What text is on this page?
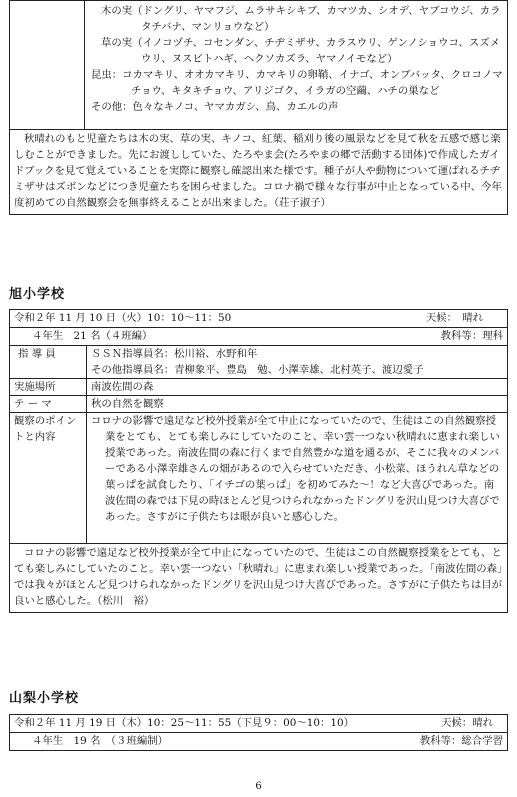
木の実（ドングリ、ヤマフジ、ムラサキシキブ、カマツカ、シオデ、ヤブコウジ、カラタチバナ、マンリョウなど）
草の実（イノコヅチ、コセンダン、チヂミザサ、カラスウリ、ゲンノショウコ、スズメウリ、ヌスビトハギ、ヘクソカズラ、ヤマノイモなど）
昆虫：コカマキリ、オオカマキリ、カマキリの卵鞘、イナゴ、オンブバッタ、クロコノマチョウ、キタキチョウ、アリジゴク、イラガの空繭、ハチの巣など
その他：色々なキノコ、ヤマカガシ、鳥、カエルの声

秋晴れのもと児童たちは木の実、草の実、キノコ、紅葉、稲刈り後の風景などを見て秋を五感で感じ楽しむことができました。先にお渡ししていた、たろやま会(たろやまの郷で活動する団体)で作成したガイドブックを見て覚えていることを実際に観察し確認出来た様です。種子が人や動物について運ばれるチヂミザサはズボンなどにつき児童たちを困らせました。コロナ禍で様々な行事が中止となっている中、今年度初めての自然観察会を無事終えることが出来ました。（荘子淑子）
旭小学校
令和２年 11 月 10 日（火）10：10～11：50 天候：　晴れ	

４年生　21 名（４班編） 教科等：理科	

指 導 員	ＳＳＮ指導員名：松川裕、水野和年
その他指導員名：青柳象平、豊島　勉、小澤幸雄、北村英子、渡辺愛子

実施場所	南波佐間の森
テ ー マ	秋の自然を観察
観察のポイントと内容	コロナの影響で遠足など校外授業が全て中止になっていたので、生徒はこの自然観察授業をとても、とても楽しみにしていたのこと、幸い雲一つない秋晴れに恵まれ楽しい授業であった。南波佐間の森に行くまで自然豊かな道を通るが、そこに我々のメンバーである小澤幸雄さんの畑があるので入らせていただき、小松菜、ほうれん草などの葉っぱを試食したり、「イチゴの葉っぱ」を初めてみた～！など大喜びであった。南波佐間の森では下見の時ほとんど見つけられなかったドングリを沢山見つけ大喜びであった。さすがに子供たちは眼が良いと感心した。

コロナの影響で遠足など校外授業が全て中止になっていたので、生徒はこの自然観察授業をとても、とても楽しみにしていたのこと。幸い雲一つない「秋晴れ」に恵まれ楽しい授業であった。「南波佐間の森」では我々がほとんど見つけられなかったドングリを沢山見つけ大喜びであった。さすがに子供たちは目が良いと感心した。（松川　裕）	
山梨小学校
令和２年 11 月 19 日（木）10：25～11：55（下見９：00～10：10）	天候：晴れ

４年生　19 名　（３班編制）	教科等：総合学習
6
